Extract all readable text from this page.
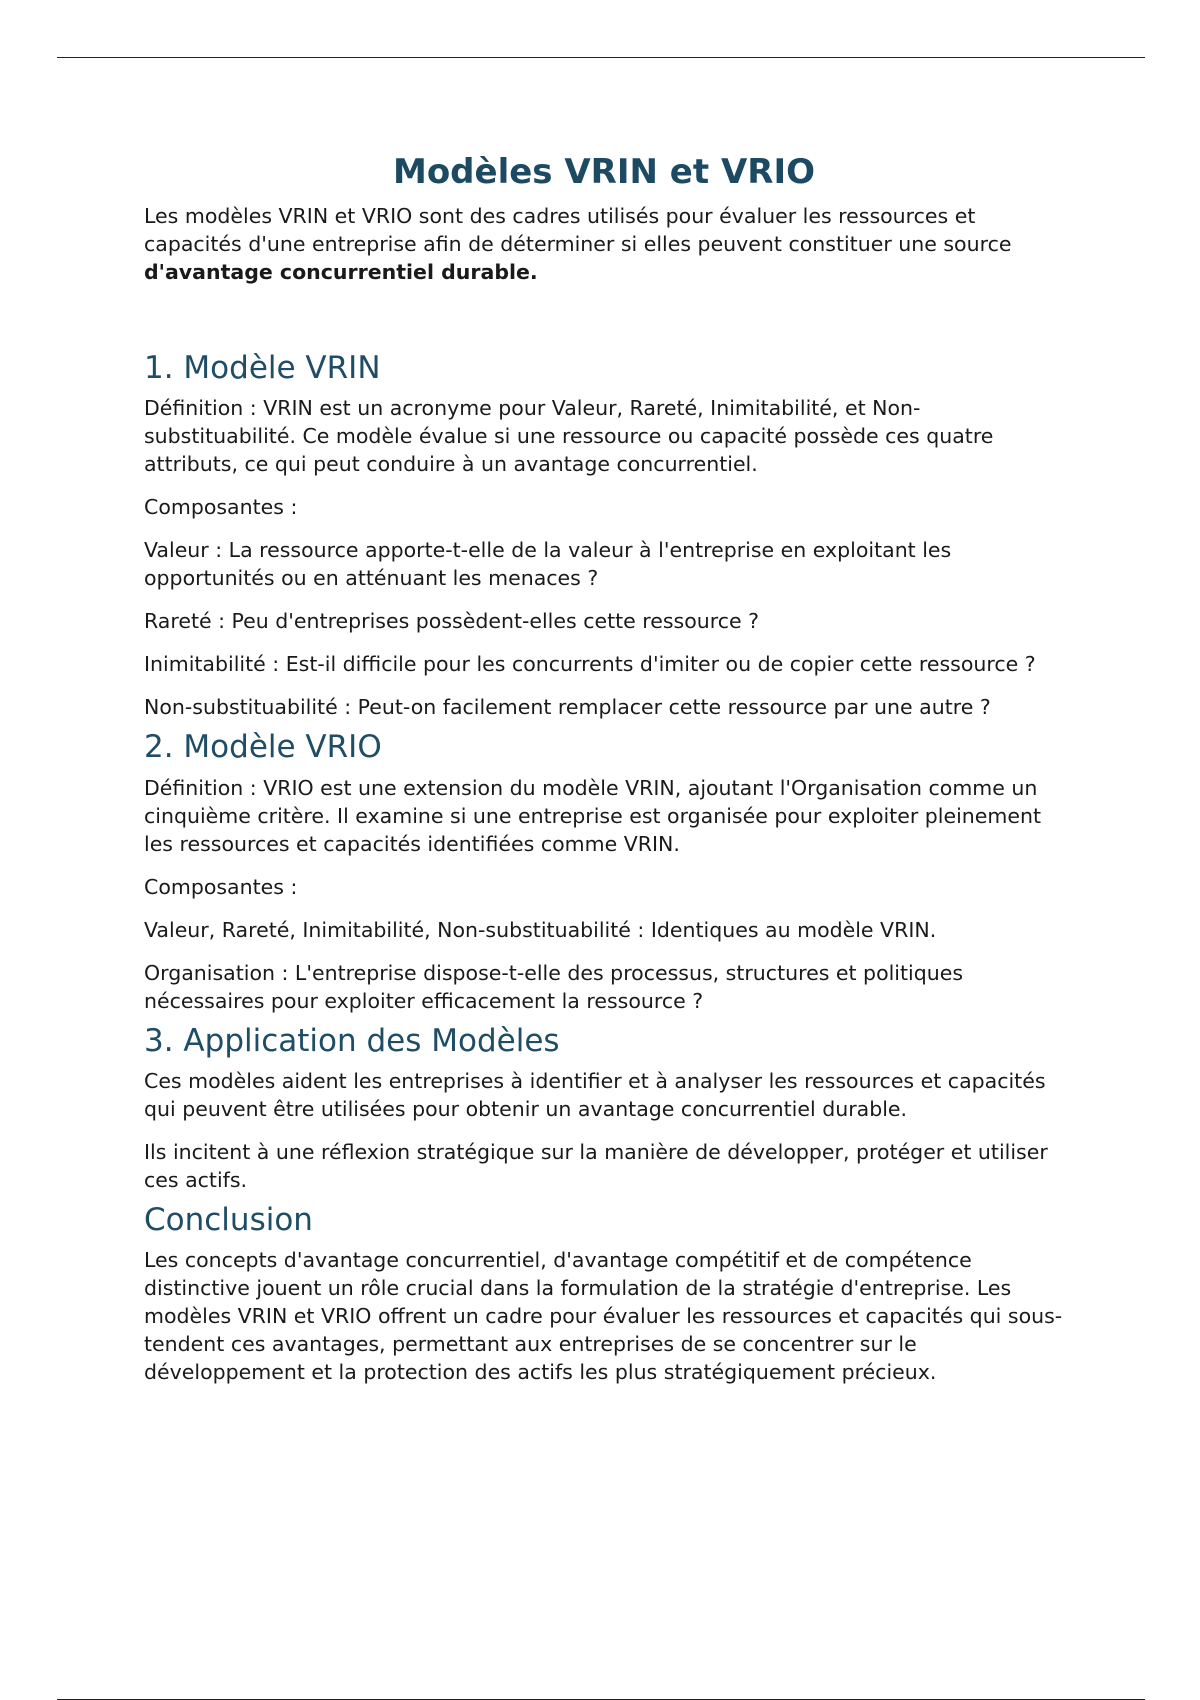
Modèles VRIN et VRIO

Les modèles VRIN et VRIO sont des cadres utilisés pour évaluer les ressources et capacités d'une entreprise afin de déterminer si elles peuvent constituer une source d'avantage concurrentiel durable.

1. Modèle VRIN

Définition : VRIN est un acronyme pour Valeur, Rareté, Inimitabilité, et Non-substituabilité. Ce modèle évalue si une ressource ou capacité possède ces quatre attributs, ce qui peut conduire à un avantage concurrentiel.

Composantes :

Valeur : La ressource apporte-t-elle de la valeur à l'entreprise en exploitant les opportunités ou en atténuant les menaces ?

Rareté : Peu d'entreprises possèdent-elles cette ressource ?

Inimitabilité : Est-il difficile pour les concurrents d'imiter ou de copier cette ressource ?

Non-substituabilité : Peut-on facilement remplacer cette ressource par une autre ?

2. Modèle VRIO

Définition : VRIO est une extension du modèle VRIN, ajoutant l'Organisation comme un cinquième critère. Il examine si une entreprise est organisée pour exploiter pleinement les ressources et capacités identifiées comme VRIN.

Composantes :

Valeur, Rareté, Inimitabilité, Non-substituabilité : Identiques au modèle VRIN.

Organisation : L'entreprise dispose-t-elle des processus, structures et politiques nécessaires pour exploiter efficacement la ressource ?

3. Application des Modèles

Ces modèles aident les entreprises à identifier et à analyser les ressources et capacités qui peuvent être utilisées pour obtenir un avantage concurrentiel durable.

Ils incitent à une réflexion stratégique sur la manière de développer, protéger et utiliser ces actifs.

Conclusion

Les concepts d'avantage concurrentiel, d'avantage compétitif et de compétence distinctive jouent un rôle crucial dans la formulation de la stratégie d'entreprise. Les modèles VRIN et VRIO offrent un cadre pour évaluer les ressources et capacités qui sous-tendent ces avantages, permettant aux entreprises de se concentrer sur le développement et la protection des actifs les plus stratégiquement précieux.
